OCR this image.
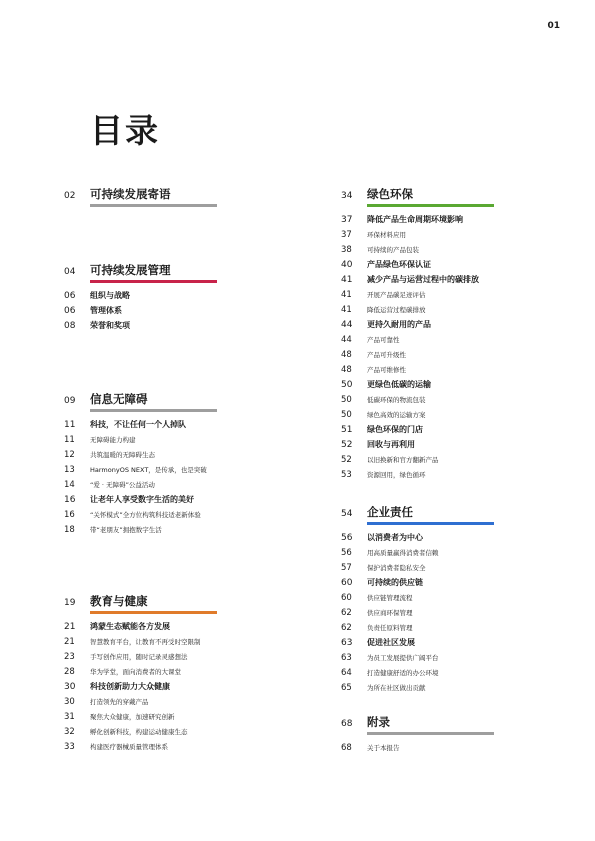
01
目录
02	可持续发展寄语
04	可持续发展管理
06	组织与战略
06	管理体系
08	荣誉和奖项
09	信息无障碍
11	科技，不让任何一个人掉队
11	无障碍能力构建
12	共筑温暖的无障碍生态
13	HarmonyOS NEXT，是传承，也是突破
14	“爱 · 无障碍”公益活动
16	让老年人享受数字生活的美好
16	“关怀模式”全方位构筑科技适老新体验
18	带“老朋友”拥抱数字生活
19	教育与健康
21	鸿蒙生态赋能各方发展
21	智慧教育平台，让教育不再受时空限制
23	手写创作应用，随时记录灵感想法
28	华为学堂，面向消费者的大课堂
30	科技创新助力大众健康
30	打造领先的穿戴产品
31	聚焦大众健康，加速研究创新
32	孵化创新科技，构建运动健康生态
33	构建医疗器械质量管理体系
34	绿色环保
37	降低产品生命周期环境影响
37	环保材料应用
38	可持续的产品包装
40	产品绿色环保认证
41	减少产品与运营过程中的碳排放
41	开展产品碳足迹评估
41	降低运营过程碳排放
44	更持久耐用的产品
44	产品可靠性
48	产品可升级性
48	产品可维修性
50	更绿色低碳的运输
50	低碳环保的物流包装
50	绿色高效的运输方案
51	绿色环保的门店
52	回收与再利用
52	以旧换新和官方翻新产品
53	资源回用，绿色循环
54	企业责任
56	以消费者为中心
56	用高质量赢得消费者信赖
57	保护消费者隐私安全
60	可持续的供应链
60	供应链管理流程
62	供应商环保管理
62	负责任原料管理
63	促进社区发展
63	为员工发展提供广阔平台
64	打造健康舒适的办公环境
65	为所在社区做出贡献
68	附录
68	关于本报告
